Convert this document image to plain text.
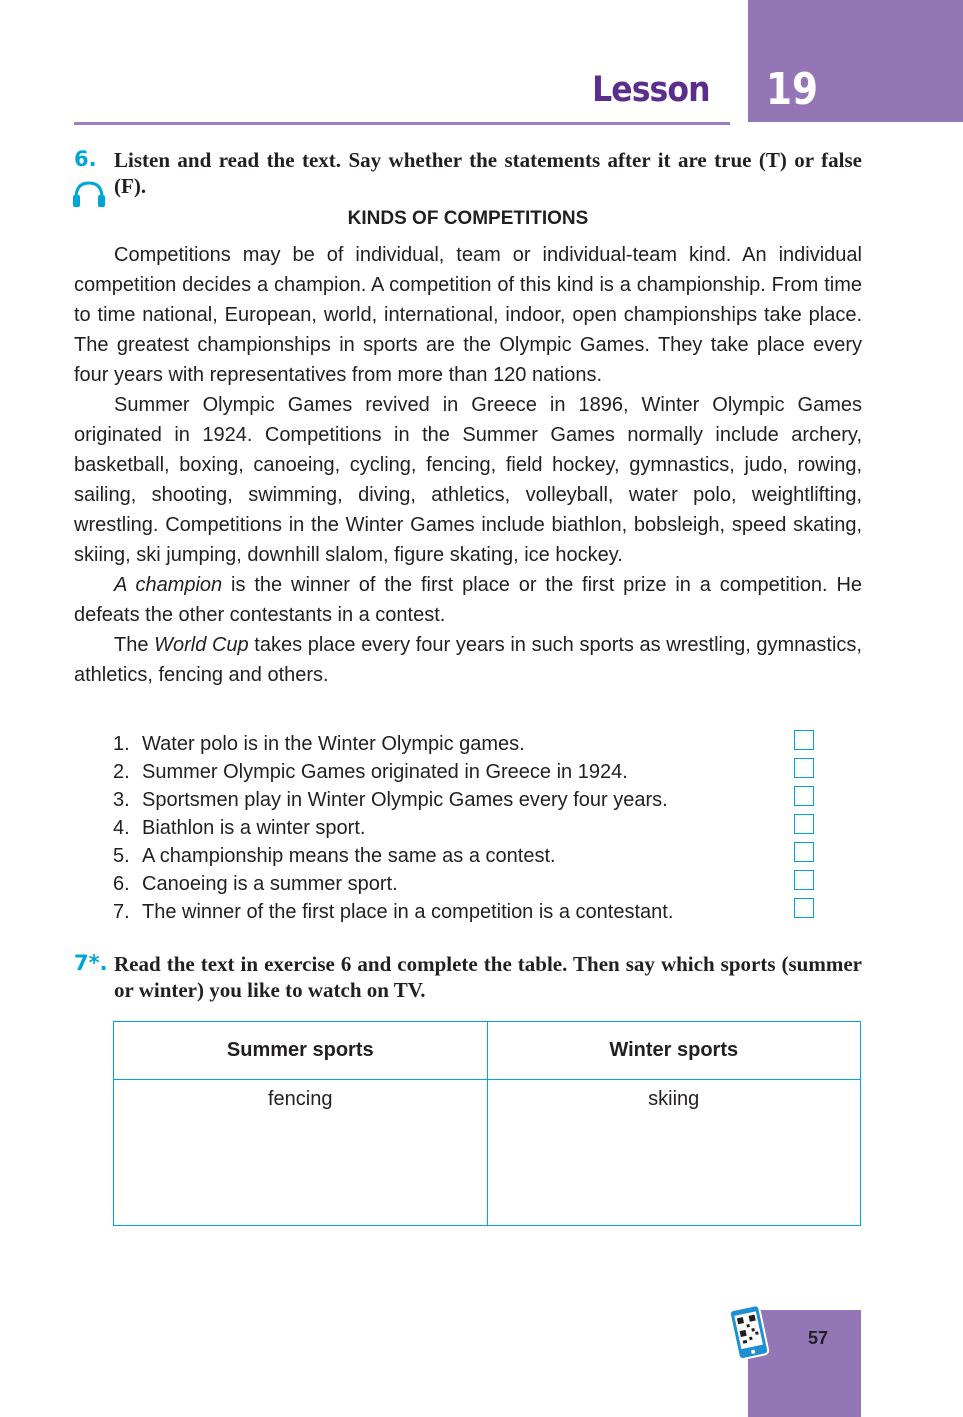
Lesson 19
6. Listen and read the text. Say whether the statements after it are true (T) or false (F).
KINDS OF COMPETITIONS

Competitions may be of individual, team or individual-team kind. An individual competition decides a champion. A competition of this kind is a championship. From time to time national, European, world, international, indoor, open championships take place. The greatest championships in sports are the Olympic Games. They take place every four years with representatives from more than 120 nations.

Summer Olympic Games revived in Greece in 1896, Winter Olympic Games originated in 1924. Competitions in the Summer Games normally include archery, basketball, boxing, canoeing, cycling, fencing, field hockey, gymnastics, judo, rowing, sailing, shooting, swimming, diving, athletics, volleyball, water polo, weightlifting, wrestling. Competitions in the Winter Games include biathlon, bobsleigh, speed skating, skiing, ski jumping, downhill slalom, figure skating, ice hockey.

A champion is the winner of the first place or the first prize in a competition. He defeats the other contestants in a contest.

The World Cup takes place every four years in such sports as wrestling, gymnastics, athletics, fencing and others.

1. Water polo is in the Winter Olympic games.
2. Summer Olympic Games originated in Greece in 1924.
3. Sportsmen play in Winter Olympic Games every four years.
4. Biathlon is a winter sport.
5. A championship means the same as a contest.
6. Canoeing is a summer sport.
7. The winner of the first place in a competition is a contestant.
7*. Read the text in exercise 6 and complete the table. Then say which sports (summer or winter) you like to watch on TV.
Summer sports	Winter sports
fencing	skiing
57
